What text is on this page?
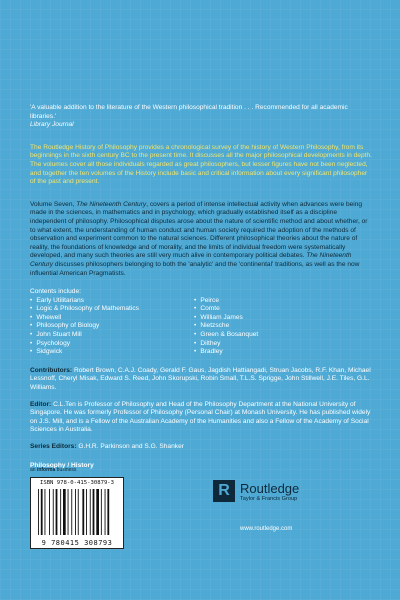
'A valuable addition to the literature of the Western philosophical tradition . . . Recommended for all academic libraries.'
Library Journal
The Routledge History of Philosophy provides a chronological survey of the history of Western Philosophy, from its beginnings in the sixth century BC to the present time. It discusses all the major philosophical developments in depth. The volumes cover all those individuals regarded as great philosophers, but lesser figures have not been neglected, and together the ten volumes of the History include basic and critical information about every significant philosopher of the past and present.
Volume Seven, The Nineteenth Century, covers a period of intense intellectual activity when advances were being made in the sciences, in mathematics and in psychology, which gradually established itself as a discipline independent of philosophy. Philosophical disputes arose about the nature of scientific method and about whether, or to what extent, the understanding of human conduct and human society required the adoption of the methods of observation and experiment common to the natural sciences. Different philosophical theories about the nature of reality, the foundations of knowledge and of morality, and the limits of individual freedom were systematically developed, and many such theories are still very much alive in contemporary political debates. The Nineteenth Century discusses philosophers belonging to both the 'analytic' and the 'continental' traditions, as well as the now influential American Pragmatists.
Contents include:
• Early Utilitarians
• Logic & Philosophy of Mathematics
• Whewell
• Philosophy of Biology
• John Stuart Mill
• Psychology
• Sidgwick
• Peirce
• Comte
• William James
• Nietzsche
• Green & Bosanquet
• Dilthey
• Bradley
Contributors: Robert Brown, C.A.J. Coady, Gerald F. Gaus, Jagdish Hattiangadi, Struan Jacobs, R.F. Khan, Michael Lessnoff, Cheryl Misak, Edward S. Reed, John Skorupski, Robin Small, T.L.S. Sprigge, John Stillwell, J.E. Tiles, G.L. Williams.
Editor: C.L.Ten is Professor of Philosophy and Head of the Philosophy Department at the National University of Singapore. He was formerly Professor of Philosophy (Personal Chair) at Monash University. He has published widely on J.S. Mill, and is a Fellow of the Australian Academy of the Humanities and also a Fellow of the Academy of Social Sciences in Australia.
Series Editors: G.H.R. Parkinson and S.G. Shanker
Philosophy / History
an informa business
ISBN 978-0-415-30879-3
9 780415 308793
R Routledge
Taylor & Francis Group
www.routledge.com
